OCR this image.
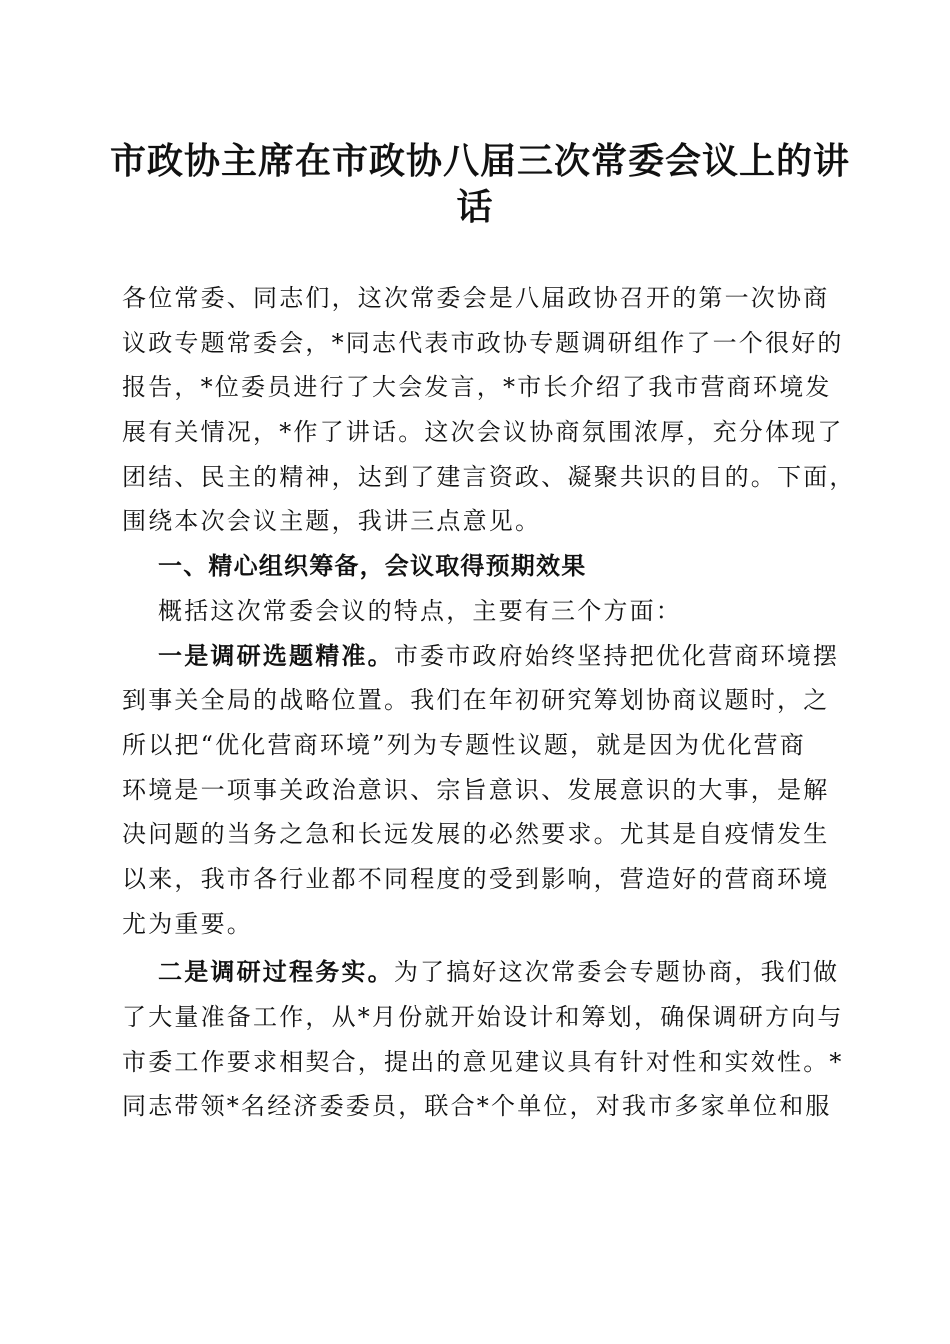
市政协主席在市政协八届三次常委会议上的讲
话
各位常委、同志们，这次常委会是八届政协召开的第一次协商
议政专题常委会，*同志代表市政协专题调研组作了一个很好的
报告，*位委员进行了大会发言，*市长介绍了我市营商环境发
展有关情况，*作了讲话。这次会议协商氛围浓厚，充分体现了
团结、民主的精神，达到了建言资政、凝聚共识的目的。下面，
围绕本次会议主题，我讲三点意见。
一、精心组织筹备，会议取得预期效果
概括这次常委会议的特点，主要有三个方面：
一是调研选题精准。市委市政府始终坚持把优化营商环境摆
到事关全局的战略位置。我们在年初研究筹划协商议题时，之
所以把“优化营商环境”列为专题性议题，就是因为优化营商
环境是一项事关政治意识、宗旨意识、发展意识的大事，是解
决问题的当务之急和长远发展的必然要求。尤其是自疫情发生
以来，我市各行业都不同程度的受到影响，营造好的营商环境
尤为重要。
二是调研过程务实。为了搞好这次常委会专题协商，我们做
了大量准备工作，从*月份就开始设计和筹划，确保调研方向与
市委工作要求相契合，提出的意见建议具有针对性和实效性。*
同志带领*名经济委委员，联合*个单位，对我市多家单位和服
